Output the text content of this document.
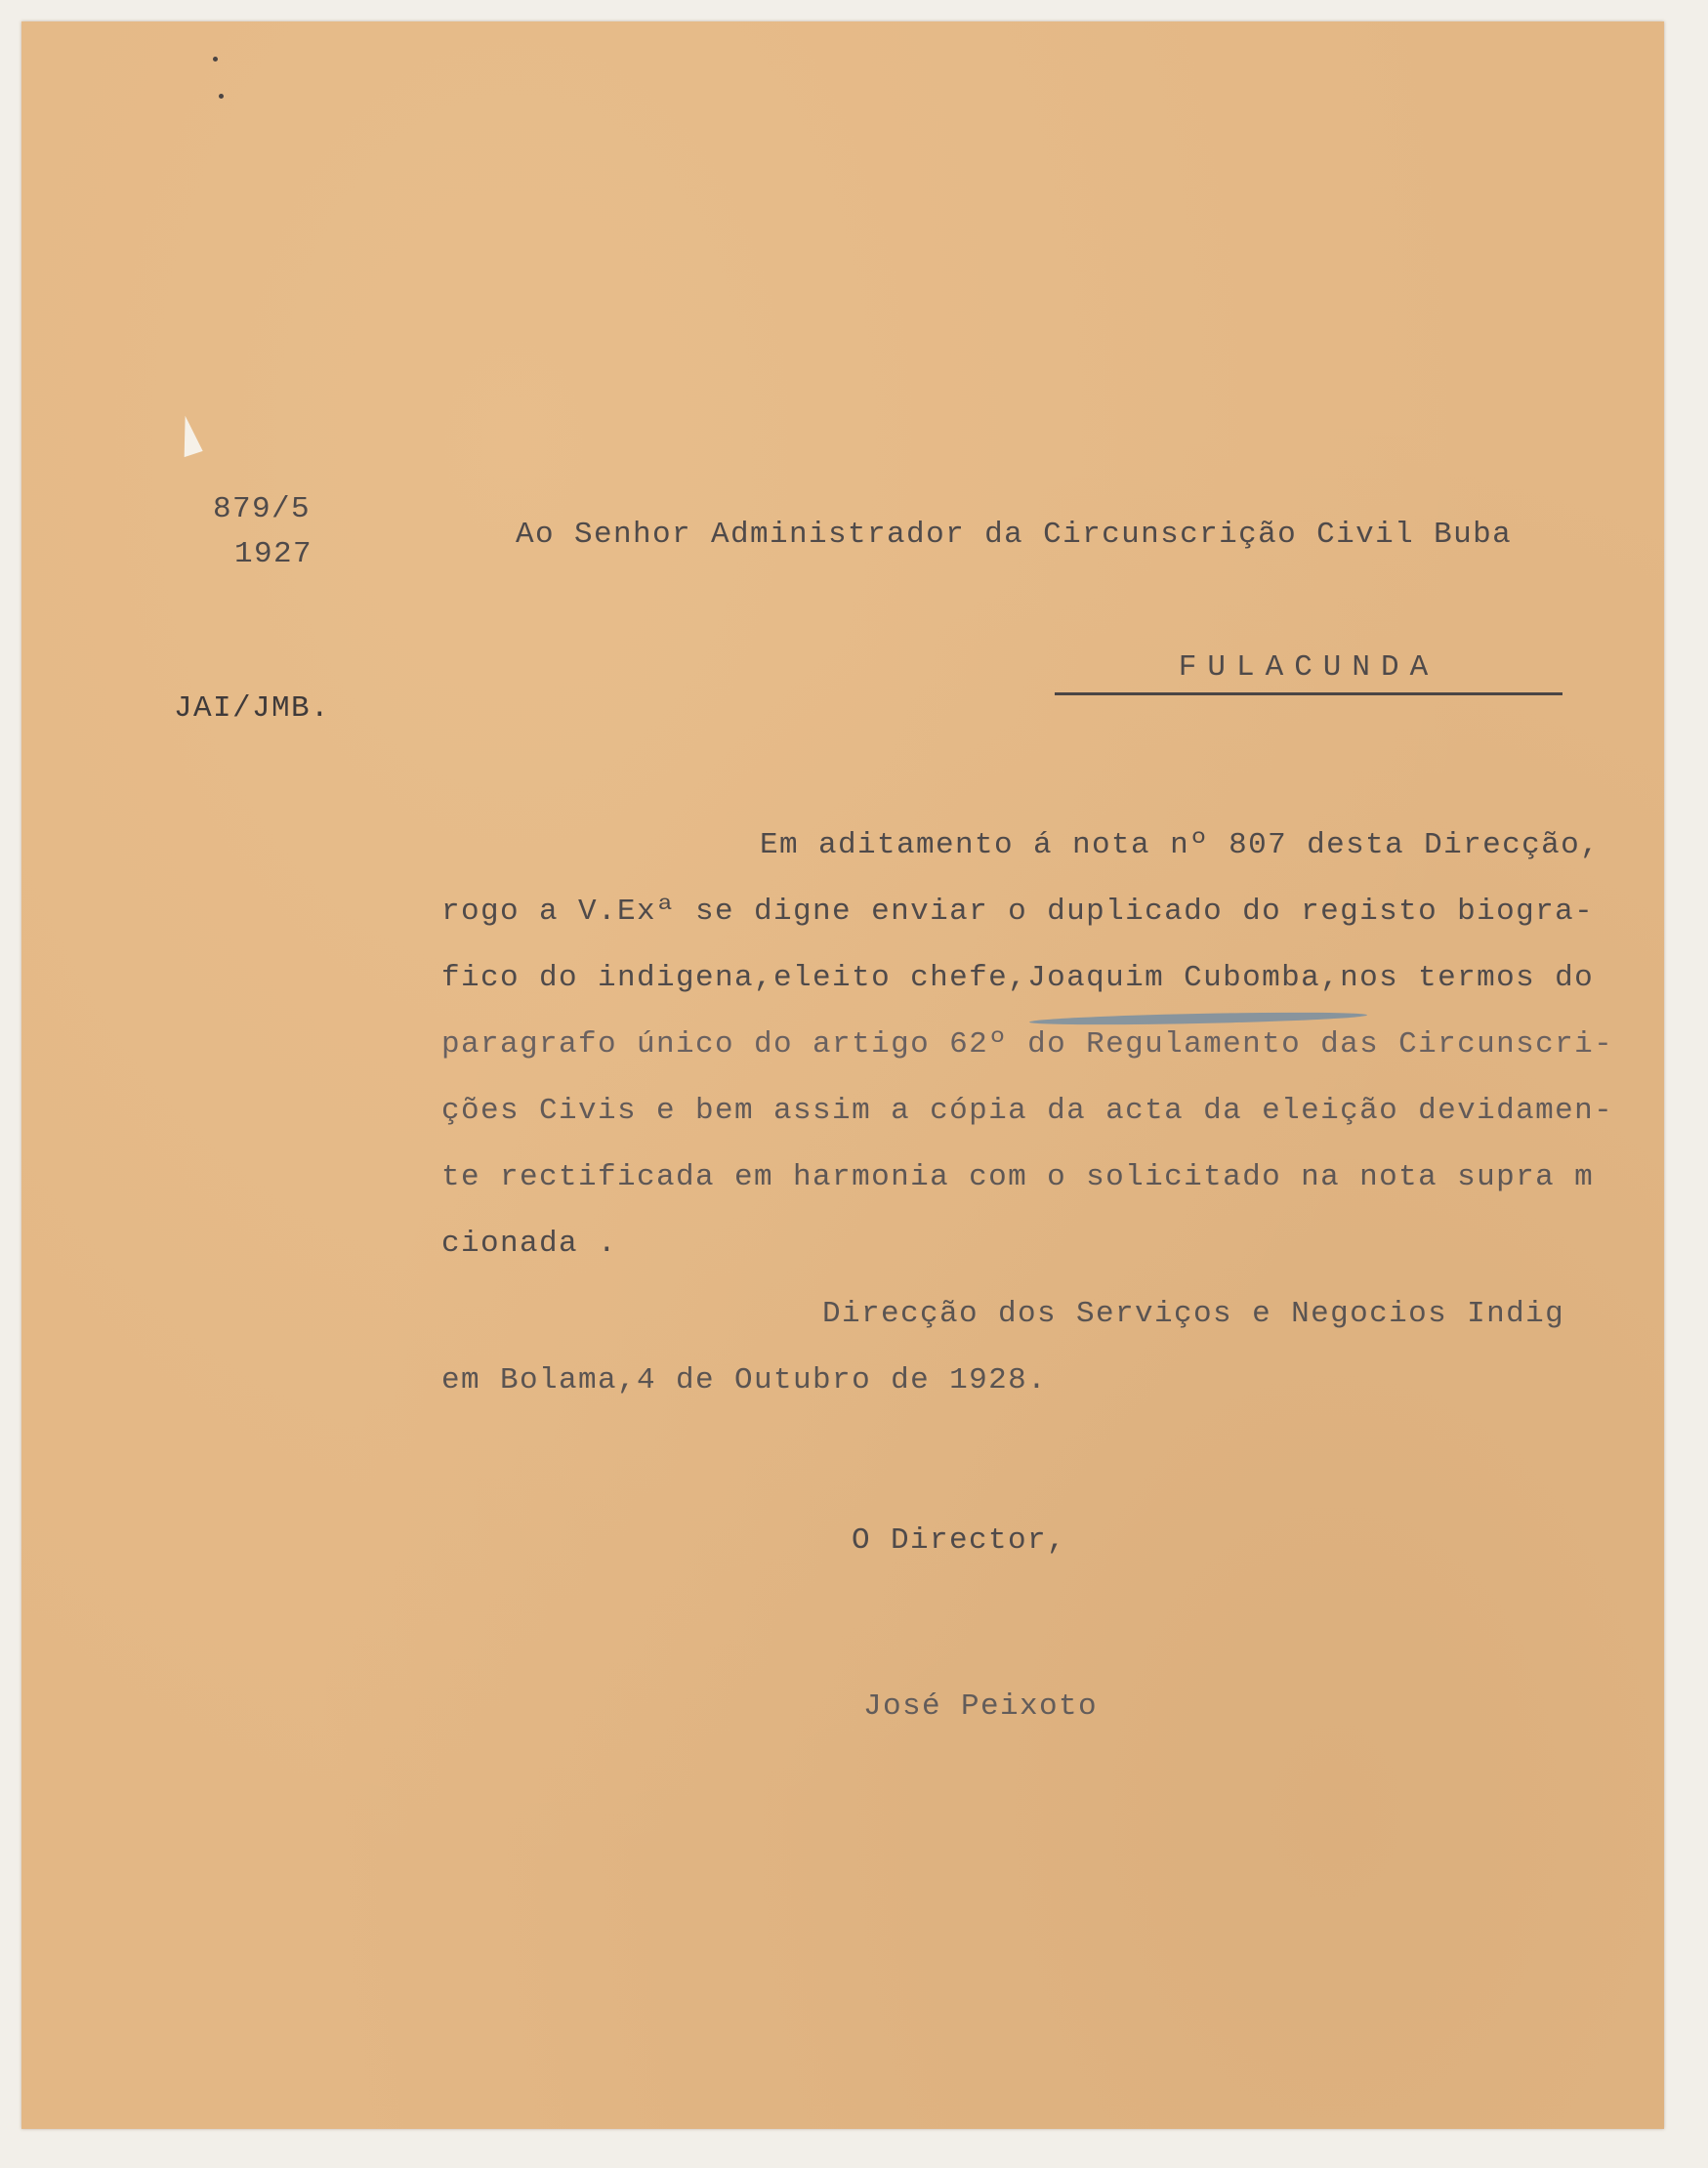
879/5

1927

JAI/JMB.

Ao Senhor Administrador da Circunscrição Civil Buba

FULACUNDA

Em aditamento á nota nº 807 desta Direcção,

rogo a V.Exª se digne enviar o duplicado do registo biogra-

fico do indigena,eleito chefe,Joaquim Cubomba,nos termos do

paragrafo único do artigo 62º do Regulamento das Circunscri-

ções Civis e bem assim a cópia da acta da eleição devidamen-

te rectificada em harmonia com o solicitado na nota supra m

cionada .

Direcção dos Serviços e Negocios Indig

em Bolama,4 de Outubro de 1928.

O Director,

José Peixoto
